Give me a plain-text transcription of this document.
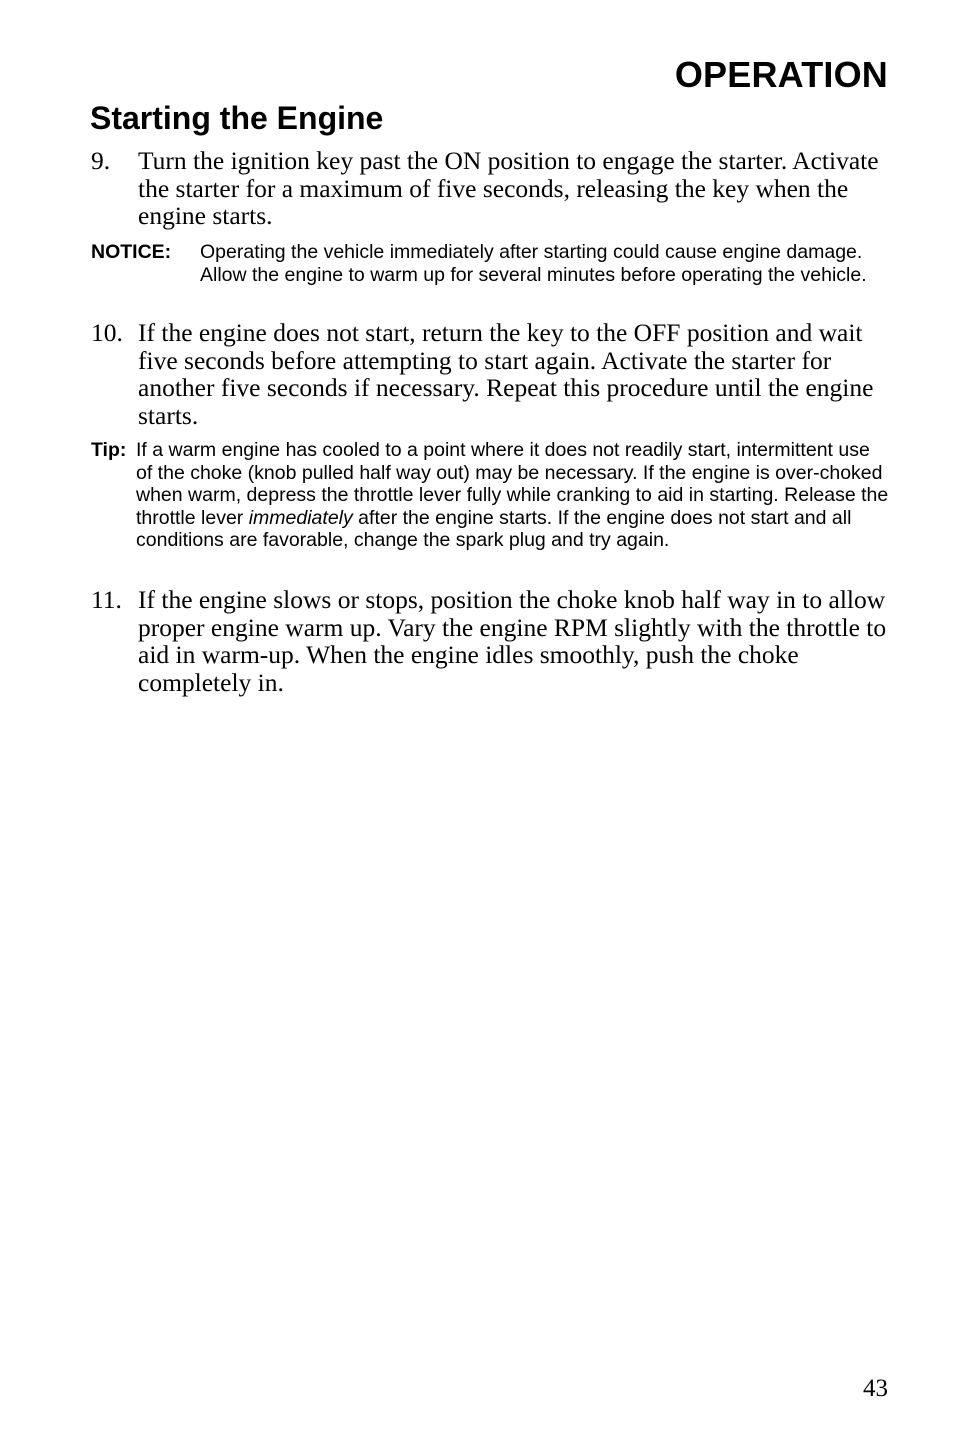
OPERATION
Starting the Engine
9. Turn the ignition key past the ON position to engage the starter. Activate the starter for a maximum of five seconds, releasing the key when the engine starts.
NOTICE: Operating the vehicle immediately after starting could cause engine damage. Allow the engine to warm up for several minutes before operating the vehicle.
10. If the engine does not start, return the key to the OFF position and wait five seconds before attempting to start again. Activate the starter for another five seconds if necessary. Repeat this procedure until the engine starts.
Tip: If a warm engine has cooled to a point where it does not readily start, intermittent use of the choke (knob pulled half way out) may be necessary. If the engine is over-choked when warm, depress the throttle lever fully while cranking to aid in starting. Release the throttle lever immediately after the engine starts. If the engine does not start and all conditions are favorable, change the spark plug and try again.
11. If the engine slows or stops, position the choke knob half way in to allow proper engine warm up. Vary the engine RPM slightly with the throttle to aid in warm-up. When the engine idles smoothly, push the choke completely in.
43
